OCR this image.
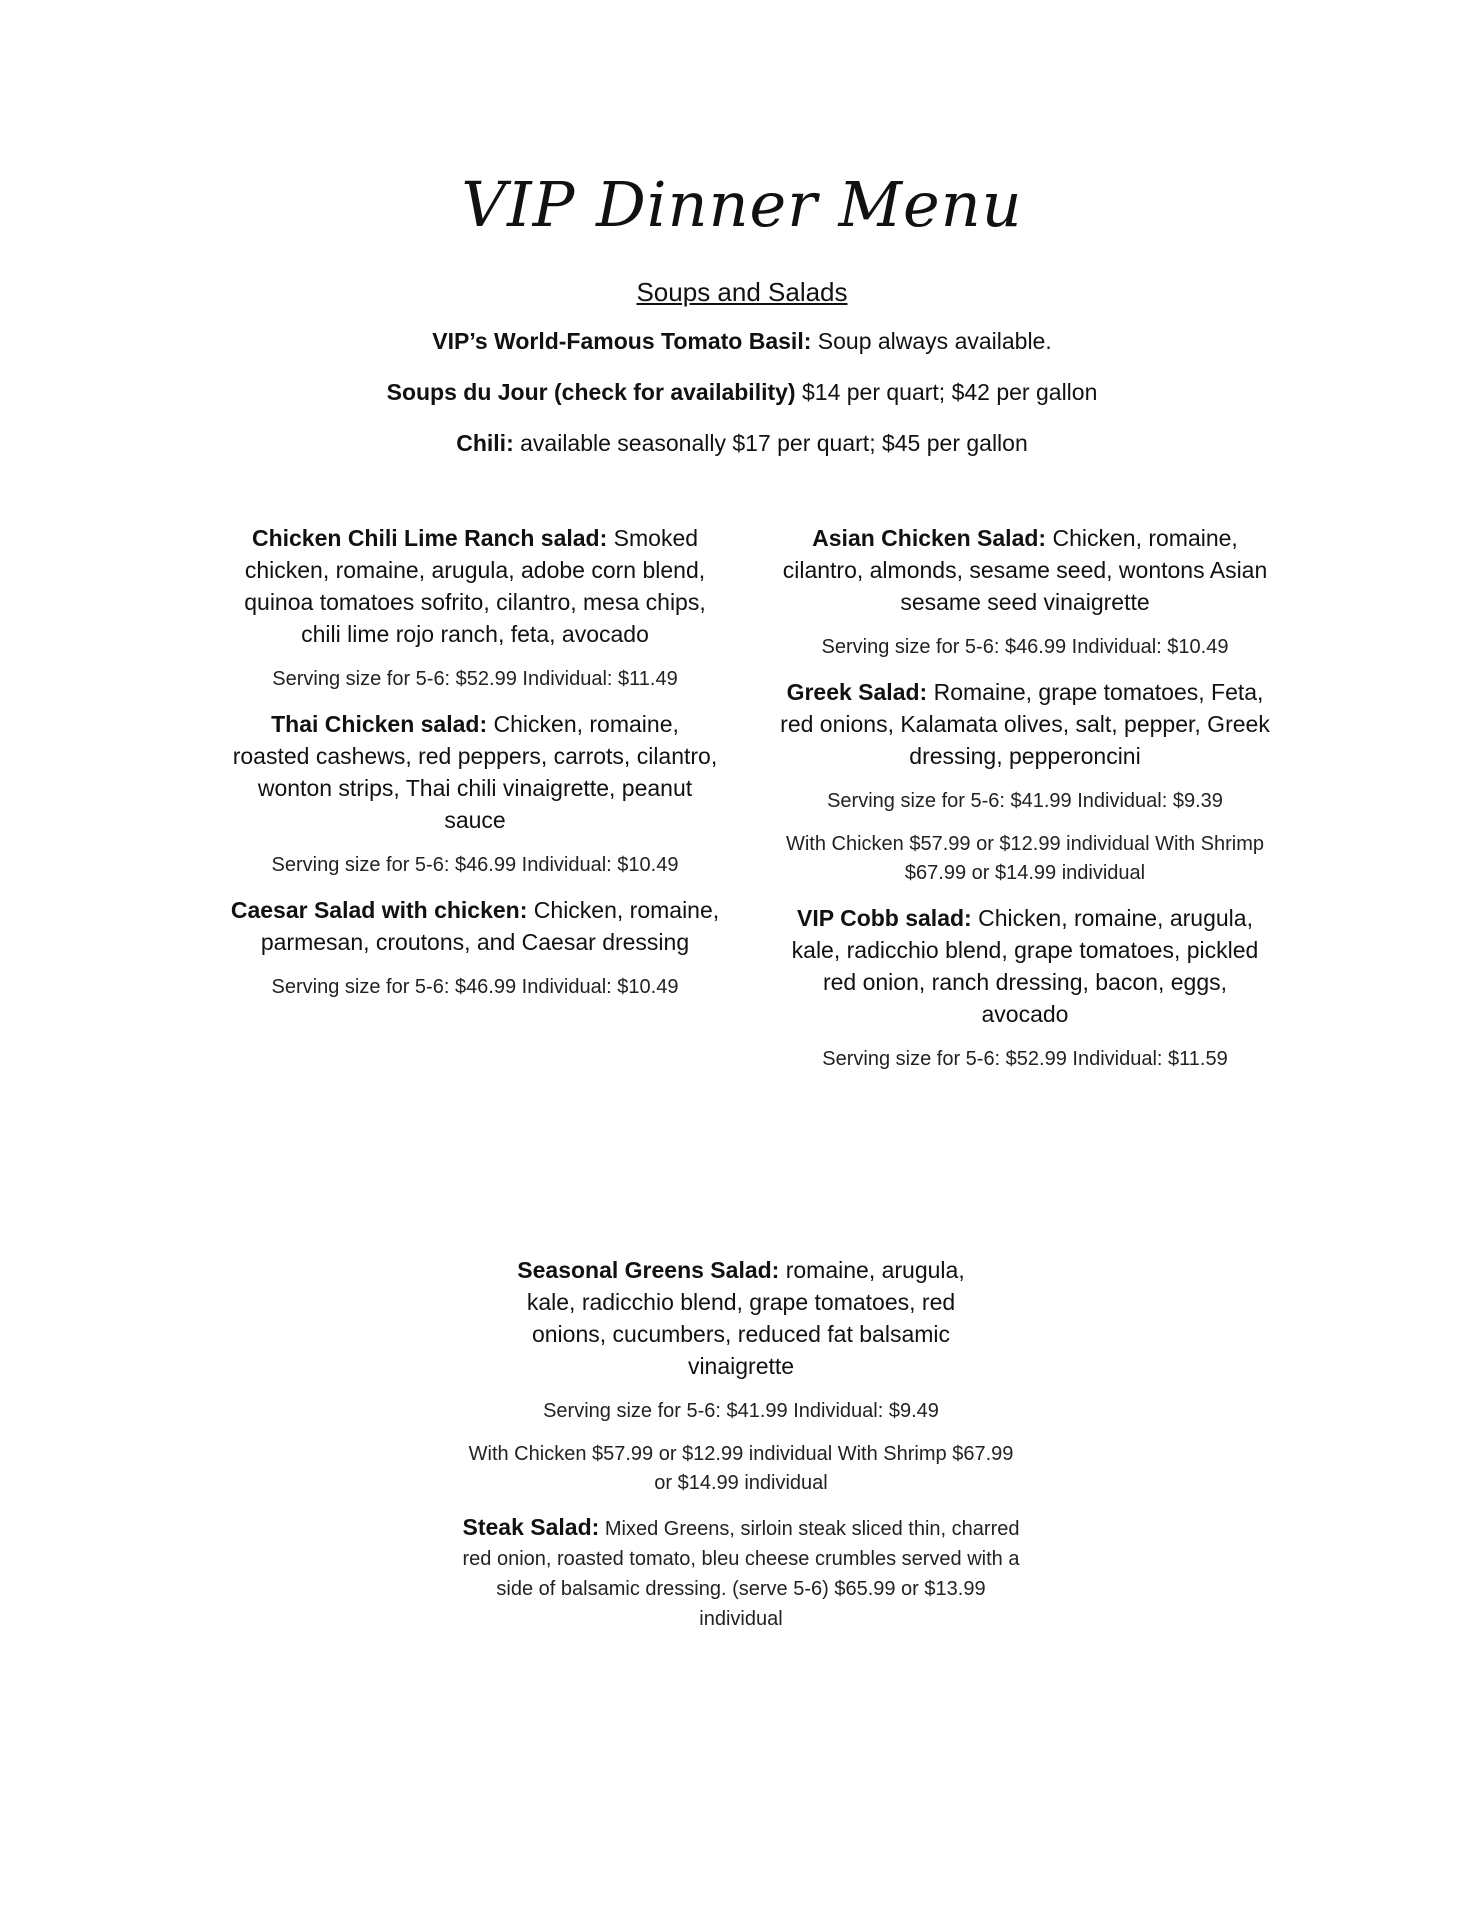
VIP Dinner Menu
Soups and Salads
VIP’s World-Famous Tomato Basil: Soup always available.
Soups du Jour (check for availability) $14 per quart; $42 per gallon
Chili: available seasonally $17 per quart; $45 per gallon

Chicken Chili Lime Ranch salad: Smoked chicken, romaine, arugula, adobe corn blend, quinoa tomatoes sofrito, cilantro, mesa chips, chili lime rojo ranch, feta, avocado

Serving size for 5-6: $52.99 Individual: $11.49

Thai Chicken salad: Chicken, romaine, roasted cashews, red peppers, carrots, cilantro, wonton strips, Thai chili vinaigrette, peanut sauce

Serving size for 5-6: $46.99 Individual: $10.49

Caesar Salad with chicken: Chicken, romaine, parmesan, croutons, and Caesar dressing

Serving size for 5-6: $46.99 Individual: $10.49

Asian Chicken Salad: Chicken, romaine, cilantro, almonds, sesame seed, wontons Asian sesame seed vinaigrette

Serving size for 5-6: $46.99 Individual: $10.49

Greek Salad: Romaine, grape tomatoes, Feta, red onions, Kalamata olives, salt, pepper, Greek dressing, pepperoncini

Serving size for 5-6: $41.99 Individual: $9.39

With Chicken $57.99 or $12.99 individual With Shrimp $67.99 or $14.99 individual

VIP Cobb salad: Chicken, romaine, arugula, kale, radicchio blend, grape tomatoes, pickled red onion, ranch dressing, bacon, eggs, avocado

Serving size for 5-6: $52.99 Individual: $11.59

Seasonal Greens Salad: romaine, arugula, kale, radicchio blend, grape tomatoes, red onions, cucumbers, reduced fat balsamic vinaigrette

Serving size for 5-6: $41.99 Individual: $9.49

With Chicken $57.99 or $12.99 individual With Shrimp $67.99 or $14.99 individual

Steak Salad: Mixed Greens, sirloin steak sliced thin, charred red onion, roasted tomato, bleu cheese crumbles served with a side of balsamic dressing. (serve 5-6) $65.99 or $13.99 individual
